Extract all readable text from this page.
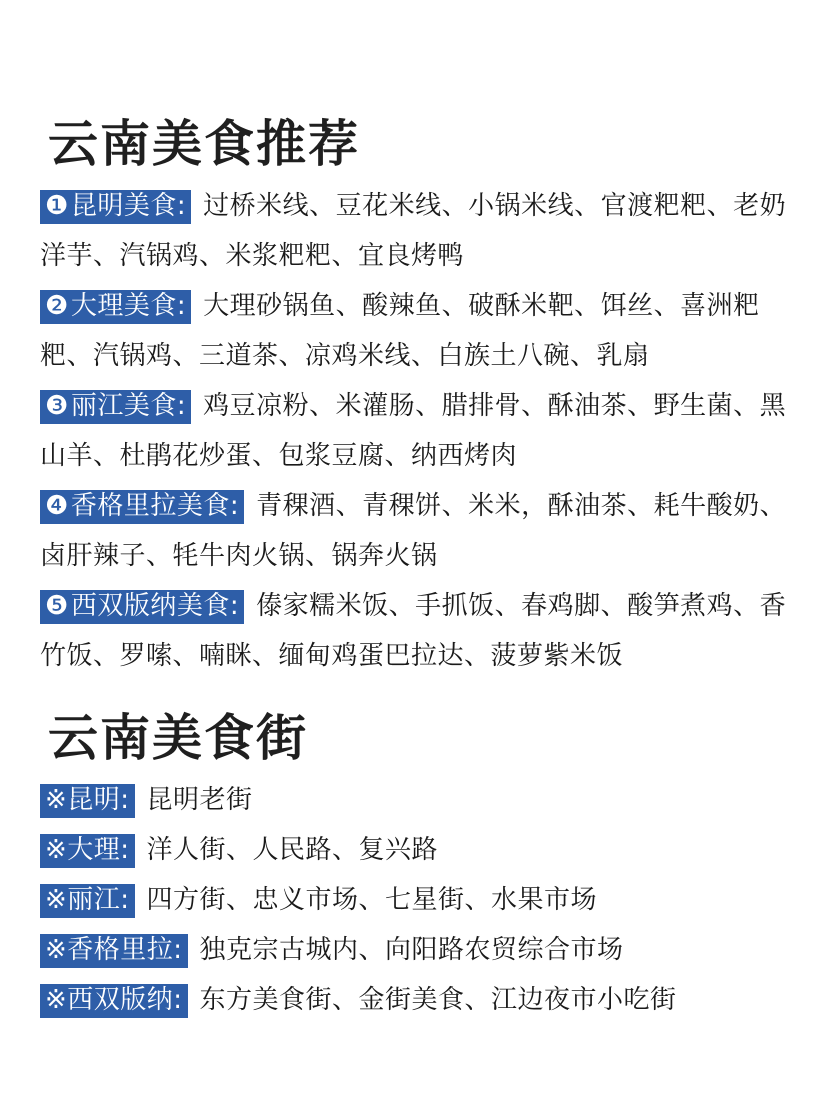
云南美食推荐

❶昆明美食: 过桥米线、豆花米线、小锅米线、官渡粑粑、老奶洋芋、汽锅鸡、米浆粑粑、宜良烤鸭

❷大理美食: 大理砂锅鱼、酸辣鱼、破酥米靶、饵丝、喜洲粑粑、汽锅鸡、三道茶、凉鸡米线、白族土八碗、乳扇

❸丽江美食: 鸡豆凉粉、米灌肠、腊排骨、酥油茶、野生菌、黑山羊、杜鹃花炒蛋、包浆豆腐、纳西烤肉

❹香格里拉美食: 青稞酒、青稞饼、米米，酥油茶、耗牛酸奶、卤肝辣子、牦牛肉火锅、锅奔火锅

❺西双版纳美食: 傣家糯米饭、手抓饭、春鸡脚、酸笋煮鸡、香竹饭、罗嗦、喃眯、缅甸鸡蛋巴拉达、菠萝紫米饭

云南美食街

※昆明: 昆明老街

※大理: 洋人街、人民路、复兴路

※丽江: 四方街、忠义市场、七星街、水果市场

※香格里拉: 独克宗古城内、向阳路农贸综合市场

※西双版纳: 东方美食街、金街美食、江边夜市小吃街
